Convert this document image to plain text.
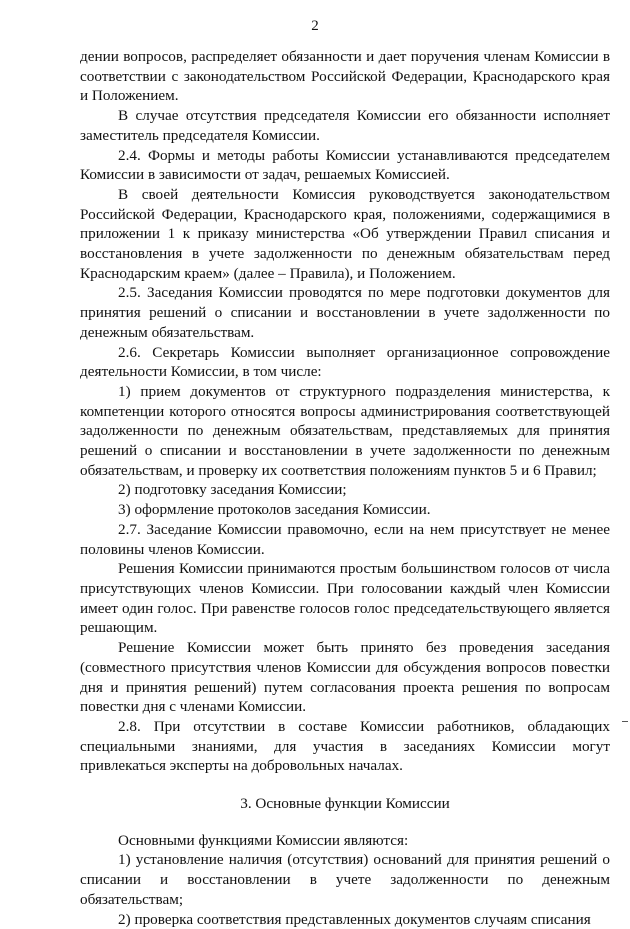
2

дении вопросов, распределяет обязанности и дает поручения членам Комиссии в соответствии с законодательством Российской Федерации, Краснодарского края и Положением.

В случае отсутствия председателя Комиссии его обязанности исполняет заместитель председателя Комиссии.

2.4. Формы и методы работы Комиссии устанавливаются председателем Комиссии в зависимости от задач, решаемых Комиссией.

В своей деятельности Комиссия руководствуется законодательством Российской Федерации, Краснодарского края, положениями, содержащимися в приложении 1 к приказу министерства «Об утверждении Правил списания и восстановления в учете задолженности по денежным обязательствам перед Краснодарским краем» (далее – Правила), и Положением.

2.5. Заседания Комиссии проводятся по мере подготовки документов для принятия решений о списании и восстановлении в учете задолженности по денежным обязательствам.

2.6. Секретарь Комиссии выполняет организационное сопровождение деятельности Комиссии, в том числе:

1) прием документов от структурного подразделения министерства, к компетенции которого относятся вопросы администрирования соответствующей задолженности по денежным обязательствам, представляемых для принятия решений о списании и восстановлении в учете задолженности по денежным обязательствам, и проверку их соответствия положениям пунктов 5 и 6 Правил;

2) подготовку заседания Комиссии;

3) оформление протоколов заседания Комиссии.

2.7. Заседание Комиссии правомочно, если на нем присутствует не менее половины членов Комиссии.

Решения Комиссии принимаются простым большинством голосов от числа присутствующих членов Комиссии. При голосовании каждый член Комиссии имеет один голос. При равенстве голосов голос председательствующего является решающим.

Решение Комиссии может быть принято без проведения заседания (совместного присутствия членов Комиссии для обсуждения вопросов повестки дня и принятия решений) путем согласования проекта решения по вопросам повестки дня с членами Комиссии.

2.8. При отсутствии в составе Комиссии работников, обладающих специальными знаниями, для участия в заседаниях Комиссии могут привлекаться эксперты на добровольных началах.

3. Основные функции Комиссии

Основными функциями Комиссии являются:

1) установление наличия (отсутствия) оснований для принятия решений о списании и восстановлении в учете задолженности по денежным обязательствам;

2) проверка соответствия представленных документов случаям списания
